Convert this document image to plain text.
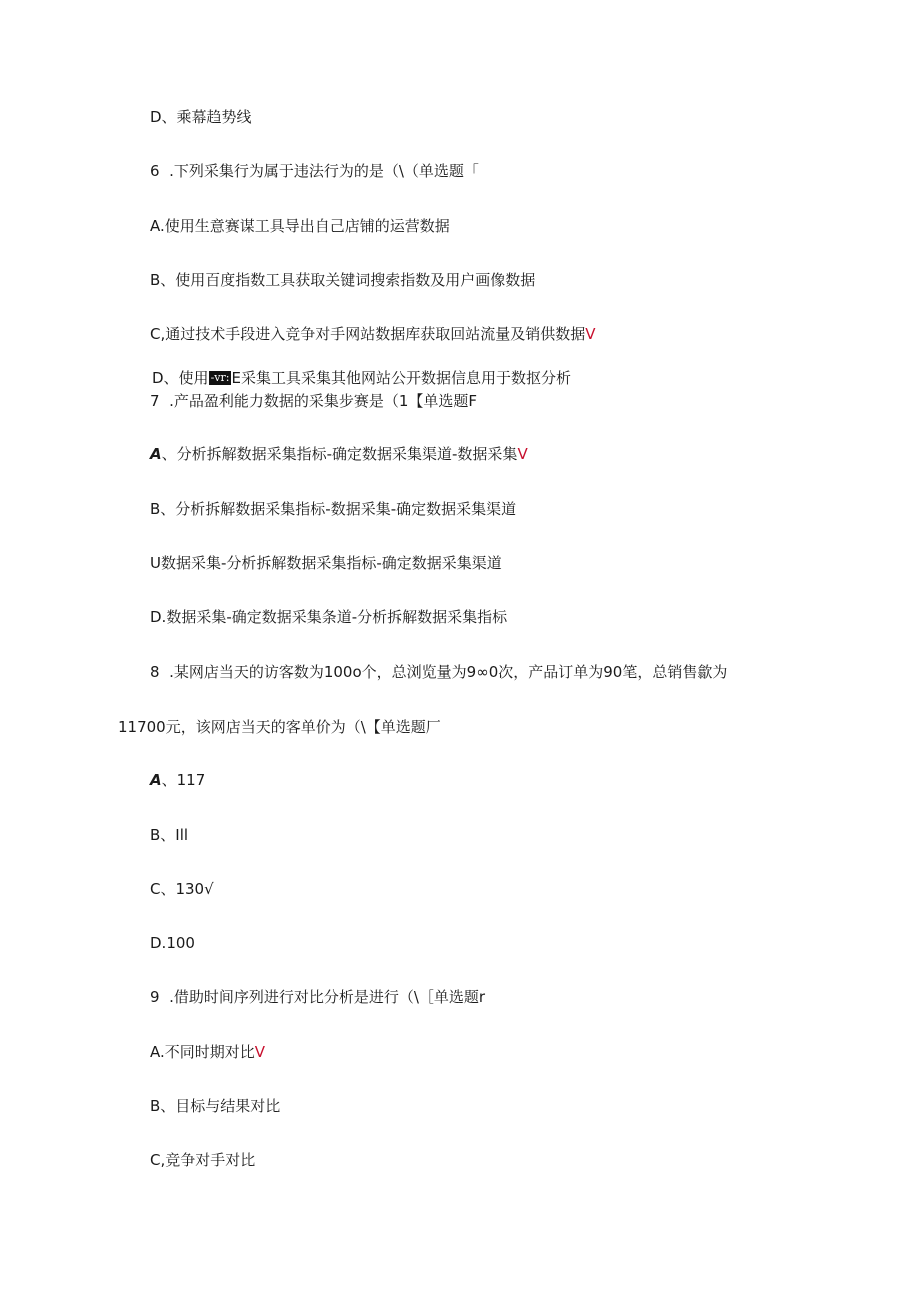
D、乘幕趋势线
6  .下列采集行为属于违法行为的是（\（单选题「
A.使用生意赛谋工具导出自己店铺的运营数据
B、使用百度指数工具获取关键词搜索指数及用户画像数据
C,通过技术手段进入竞争对手网站数据库获取回站流量及销供数据V
D、使用 -vr: E采集工具采集其他网站公开数据信息用于数抠分析
7  .产品盈利能力数据的采集步赛是（1【单选题F
A、分析拆解数据采集指标-确定数据采集渠道-数据采集V
B、分析拆解数据采集指标-数据采集-确定数据采集渠道
U数据采集-分析拆解数据采集指标-确定数据采集渠道
D.数据采集-确定数据采集条道-分析拆解数据采集指标
8  .某网店当天的访客数为100o个，总浏览量为9∞0次，产品订单为90笔，总销售歙为
11700元，该网店当天的客单价为（\【单选题厂
A、117
B、Ill
C、130√
D.100
9  .借助时间序列进行对比分析是进行（\［单选题r
A.不同时期对比V
B、目标与结果对比
C,竞争对手对比
